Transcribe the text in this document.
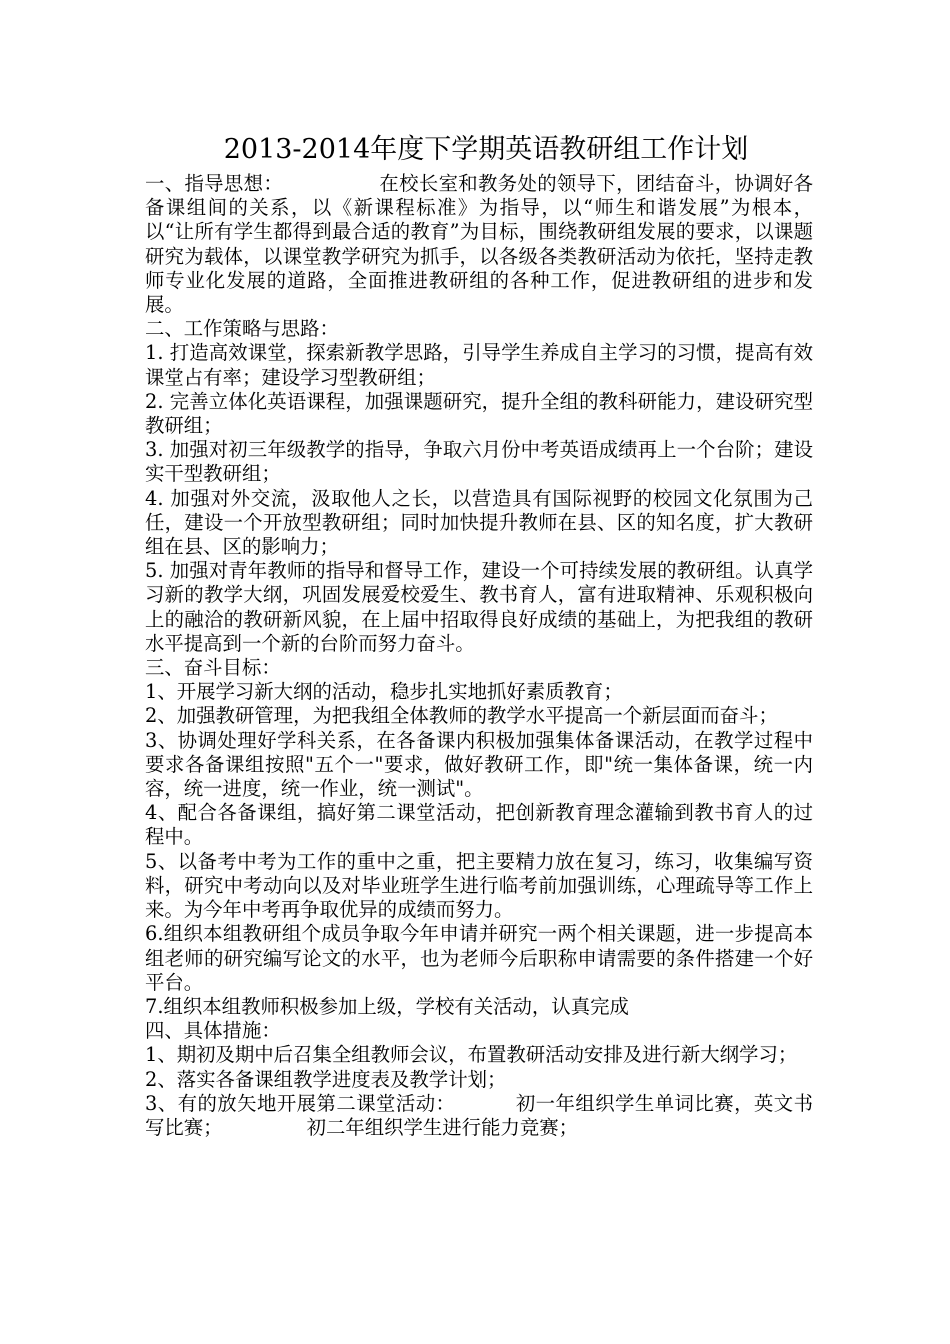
2013-2014年度下学期英语教研组工作计划

一、指导思想：	在校长室和教务处的领导下，团结奋斗，协调好各备课组间的关系，以《新课程标准》为指导，以“师生和谐发展”为根本，以“让所有学生都得到最合适的教育”为目标，围绕教研组发展的要求，以课题研究为载体，以课堂教学研究为抓手，以各级各类教研活动为依托，坚持走教师专业化发展的道路，全面推进教研组的各种工作，促进教研组的进步和发展。

二、工作策略与思路：

1. 打造高效课堂，探索新教学思路，引导学生养成自主学习的习惯，提高有效课堂占有率；建设学习型教研组；

2. 完善立体化英语课程，加强课题研究，提升全组的教科研能力，建设研究型教研组；

3. 加强对初三年级教学的指导，争取六月份中考英语成绩再上一个台阶；建设实干型教研组；

4. 加强对外交流，汲取他人之长，以营造具有国际视野的校园文化氛围为己任，建设一个开放型教研组；同时加快提升教师在县、区的知名度，扩大教研组在县、区的影响力；

5. 加强对青年教师的指导和督导工作，建设一个可持续发展的教研组。认真学习新的教学大纲，巩固发展爱校爱生、教书育人，富有进取精神、乐观积极向上的融洽的教研新风貌，在上届中招取得良好成绩的基础上，为把我组的教研水平提高到一个新的台阶而努力奋斗。

三、奋斗目标：

1、开展学习新大纲的活动，稳步扎实地抓好素质教育；

2、加强教研管理，为把我组全体教师的教学水平提高一个新层面而奋斗；

3、协调处理好学科关系，在各备课内积极加强集体备课活动，在教学过程中要求各备课组按照"五个一"要求，做好教研工作，即"统一集体备课，统一内容，统一进度，统一作业，统一测试"。

4、配合各备课组，搞好第二课堂活动，把创新教育理念灌输到教书育人的过程中。

5、以备考中考为工作的重中之重，把主要精力放在复习，练习，收集编写资料，研究中考动向以及对毕业班学生进行临考前加强训练，心理疏导等工作上来。为今年中考再争取优异的成绩而努力。

6.组织本组教研组个成员争取今年申请并研究一两个相关课题，进一步提高本组老师的研究编写论文的水平，也为老师今后职称申请需要的条件搭建一个好平台。

7.组织本组教师积极参加上级，学校有关活动，认真完成

四、具体措施：

1、期初及期中后召集全组教师会议，布置教研活动安排及进行新大纲学习；

2、落实各备课组教学进度表及教学计划；

3、有的放矢地开展第二课堂活动：	初一年组织学生单词比赛，英文书写比赛；	初二年组织学生进行能力竞赛；
